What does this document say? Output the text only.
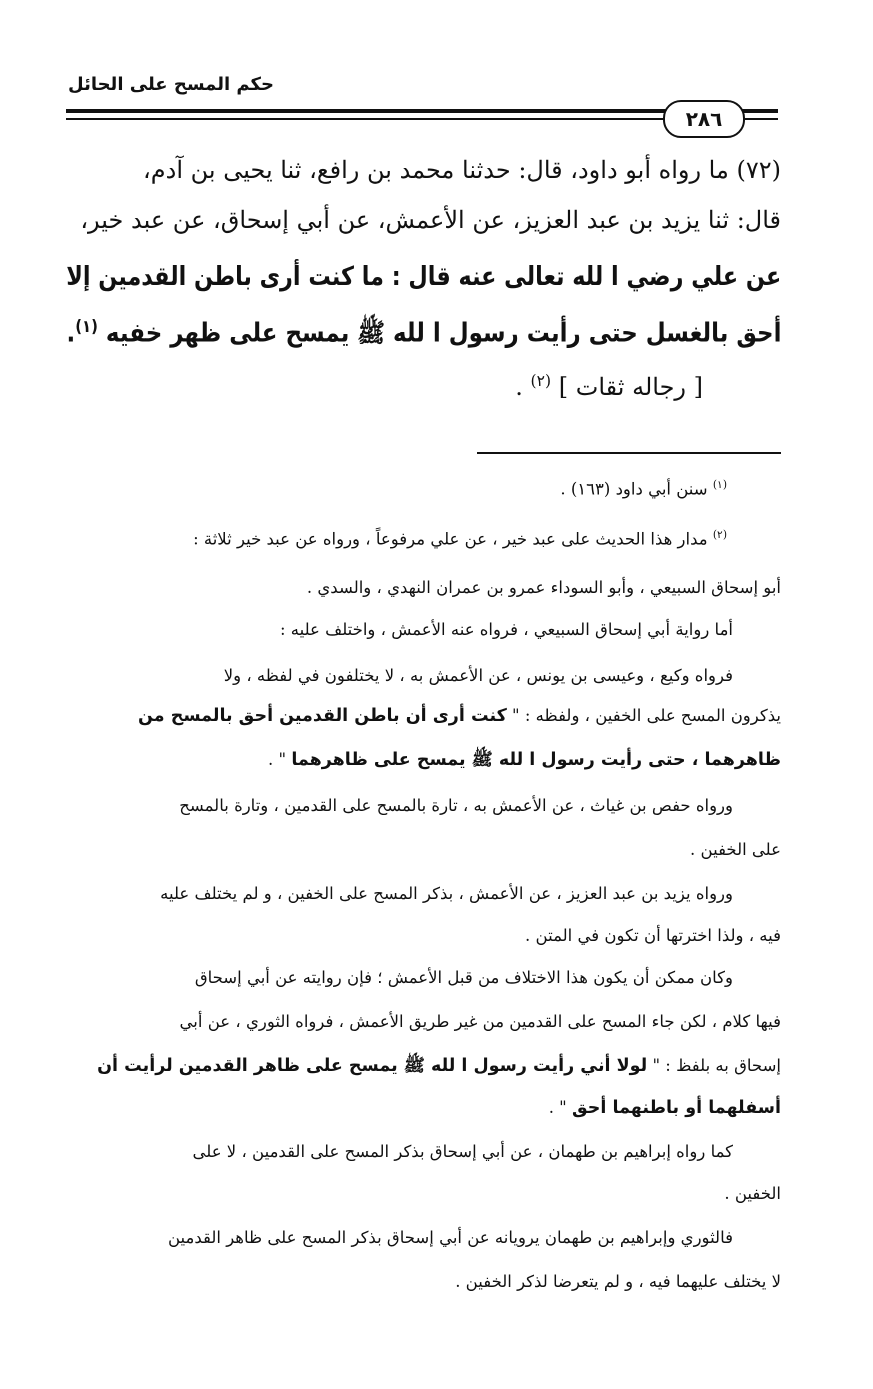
حكم المسح على الحائل
٢٨٦
(٧٢) ما رواه أبو داود، قال: حدثنا محمد بن رافع، ثنا يحيى بن آدم،
قال: ثنا يزيد بن عبد العزيز، عن الأعمش، عن أبي إسحاق، عن عبد خير،
عن علي رضي ا لله تعالى عنه قال : ما كنت أرى باطن القدمين إلا
أحق بالغسل حتى رأيت رسول ا لله ﷺ يمسح على ظهر خفيه $^{(١)}$.
[ رجاله ثقات ] $^{(٢)}$ .
$^{(١)}$ سنن أبي داود (١٦٣) .
$^{(٢)}$ مدار هذا الحديث على عبد خير ، عن علي مرفوعاً ، ورواه عن عبد خير ثلاثة :
أبو إسحاق السبيعي ، وأبو السوداء عمرو بن عمران النهدي ، والسدي .
أما رواية أبي إسحاق السبيعي ، فرواه عنه الأعمش ، واختلف عليه :
فرواه وكيع ، وعيسى بن يونس ، عن الأعمش به ، لا يختلفون في لفظه ، ولا
يذكرون المسح على الخفين ، ولفظه : " كنت أرى أن باطن القدمين أحق بالمسح من
ظاهرهما ، حتى رأيت رسول ا لله ﷺ يمسح على ظاهرهما " .
ورواه حفص بن غياث ، عن الأعمش به ، تارة بالمسح على القدمين ، وتارة بالمسح
على الخفين .
ورواه يزيد بن عبد العزيز ، عن الأعمش ، بذكر المسح على الخفين ، و لم يختلف عليه
فيه ، ولذا اخترتها أن تكون في المتن .
وكان ممكن أن يكون هذا الاختلاف من قبل الأعمش ؛ فإن روايته عن أبي إسحاق
فيها كلام ، لكن جاء المسح على القدمين من غير طريق الأعمش ، فرواه الثوري ، عن أبي
إسحاق به بلفظ : " لولا أني رأيت رسول ا لله ﷺ يمسح على ظاهر القدمين لرأيت أن
أسفلهما أو باطنهما أحق " .
كما رواه إبراهيم بن طهمان ، عن أبي إسحاق بذكر المسح على القدمين ، لا على
الخفين .
فالثوري وإبراهيم بن طهمان يرويانه عن أبي إسحاق بذكر المسح على ظاهر القدمين
لا يختلف عليهما فيه ، و لم يتعرضا لذكر الخفين .
